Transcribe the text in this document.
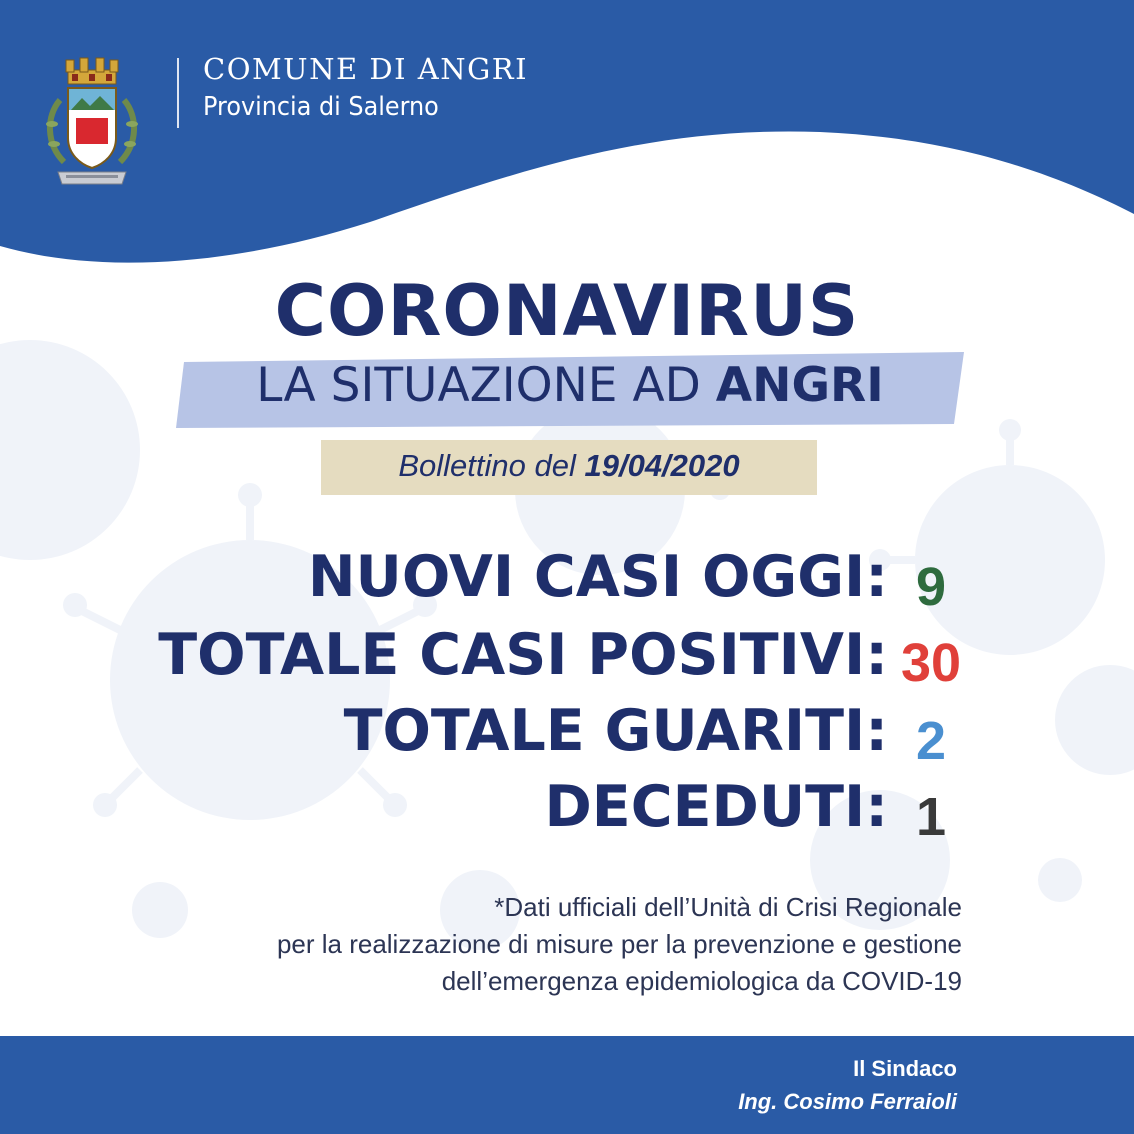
COMUNE DI ANGRI
Provincia di Salerno
CORONAVIRUS
LA SITUAZIONE AD ANGRI
Bollettino del 19/04/2020
NUOVI CASI OGGI: 9
TOTALE CASI POSITIVI: 30
TOTALE GUARITI: 2
DECEDUTI: 1
*Dati ufficiali dell’Unità di Crisi Regionale
per la realizzazione di misure per la prevenzione e gestione
dell’emergenza epidemiologica da COVID-19
Il Sindaco
Ing. Cosimo Ferraioli
